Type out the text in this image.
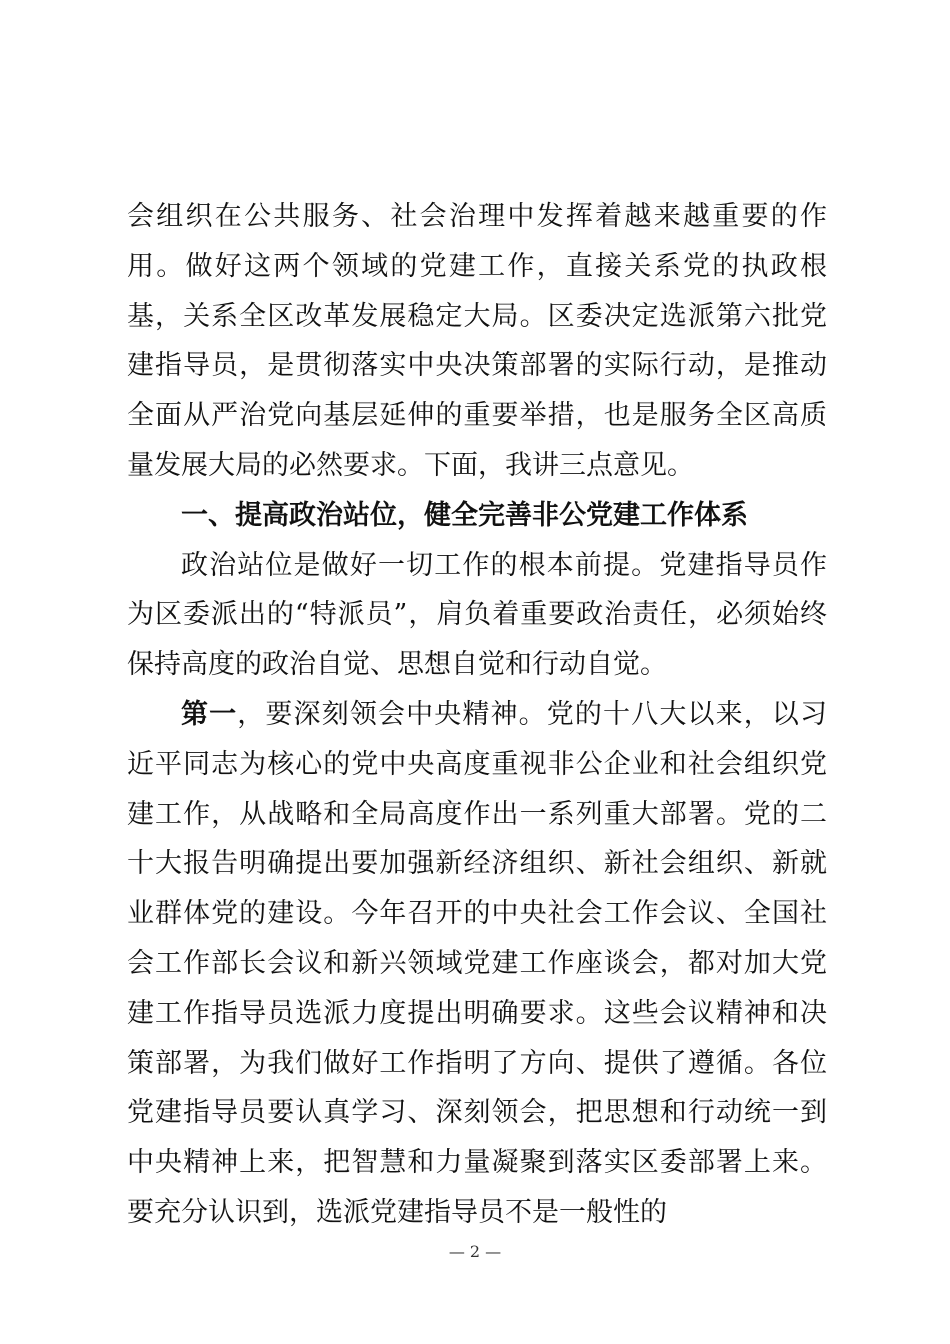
会组织在公共服务、社会治理中发挥着越来越重要的作用。做好这两个领域的党建工作，直接关系党的执政根基，关系全区改革发展稳定大局。区委决定选派第六批党建指导员，是贯彻落实中央决策部署的实际行动，是推动全面从严治党向基层延伸的重要举措，也是服务全区高质量发展大局的必然要求。下面，我讲三点意见。

一、提高政治站位，健全完善非公党建工作体系

政治站位是做好一切工作的根本前提。党建指导员作为区委派出的“特派员”，肩负着重要政治责任，必须始终保持高度的政治自觉、思想自觉和行动自觉。

第一，要深刻领会中央精神。党的十八大以来，以习近平同志为核心的党中央高度重视非公企业和社会组织党建工作，从战略和全局高度作出一系列重大部署。党的二十大报告明确提出要加强新经济组织、新社会组织、新就业群体党的建设。今年召开的中央社会工作会议、全国社会工作部长会议和新兴领域党建工作座谈会，都对加大党建工作指导员选派力度提出明确要求。这些会议精神和决策部署，为我们做好工作指明了方向、提供了遵循。各位党建指导员要认真学习、深刻领会，把思想和行动统一到中央精神上来，把智慧和力量凝聚到落实区委部署上来。要充分认识到，选派党建指导员不是一般性的

— 2 —
